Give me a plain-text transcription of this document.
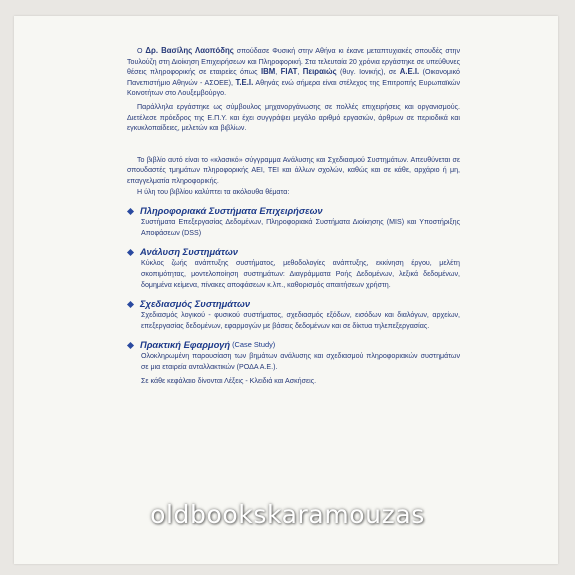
Ο Δρ. Βασίλης Λαοπόδης σπούδασε Φυσική στην Αθήνα κι έκανε μεταπτυχιακές σπουδές στην Τουλούζη στη Διοίκηση Επιχειρήσεων και Πληροφορική. Στα τελευταία 20 χρόνια εργάστηκε σε υπεύθυνες θέσεις πληροφορικής σε εταιρείες όπως IBM, FIAT, Πειραιώς (θυγ. Ιονικής), σε Α.Ε.Ι. (Οικονομικό Πανεπιστήμιο Αθηνών - ΑΣΟΕΕ), Τ.Ε.Ι. Αθηνάς ενώ σήμερα είναι στέλεχος της Επιτροπής Ευρωπαϊκών Κοινοτήτων στο Λουξεμβούργο.

Παράλληλα εργάστηκε ως σύμβουλος μηχανοργάνωσης σε πολλές επιχειρήσεις και οργανισμούς. Διετέλεσε πρόεδρος της Ε.Π.Υ. και έχει συγγράψει μεγάλο αριθμό εργασιών, άρθρων σε περιοδικά και εγκυκλοπαίδειες, μελετών και βιβλίων.

Το βιβλίο αυτό είναι το «κλασικό» σύγγραμμα Ανάλυσης και Σχεδιασμού Συστημάτων. Απευθύνεται σε σπουδαστές τμημάτων πληροφορικής ΑΕΙ, ΤΕΙ και άλλων σχολών, καθώς και σε κάθε, αρχάριο ή μη, επαγγελματία πληροφορικής.

Η ύλη του βιβλίου καλύπτει τα ακόλουθα θέματα:

Πληροφοριακά Συστήματα Επιχειρήσεων

Συστήματα Επεξεργασίας Δεδομένων, Πληροφοριακά Συστήματα Διοίκησης (MIS) και Υποστήριξης Αποφάσεων (DSS)

Ανάλυση Συστημάτων

Κύκλος ζωής ανάπτυξης συστήματος, μεθοδολογίες ανάπτυξης, εκκίνηση έργου, μελέτη σκοπιμότητας, μοντελοποίηση συστημάτων: Διαγράμματα Ροής Δεδομένων, λεξικά δεδομένων, δομημένα κείμενα, πίνακες αποφάσεων κ.λπ., καθορισμός απαιτήσεων χρήστη.

Σχεδιασμός Συστημάτων

Σχεδιασμός λογικού - φυσικού συστήματος, σχεδιασμός εξόδων, εισόδων και διαλόγων, αρχείων, επεξεργασίας δεδομένων, εφαρμογών με βάσεις δεδομένων και σε δίκτυα τηλεπεξεργασίας.

Πρακτική Εφαρμογή (Case Study)

Ολοκληρωμένη παρουσίαση των βημάτων ανάλυσης και σχεδιασμού πληροφοριακών συστημάτων σε μια εταιρεία ανταλλακτικών (ΡΟΔΑ Α.Ε.).

Σε κάθε κεφάλαιο δίνονται Λέξεις - Κλειδιά και Ασκήσεις.

oldbookskaramouzas
